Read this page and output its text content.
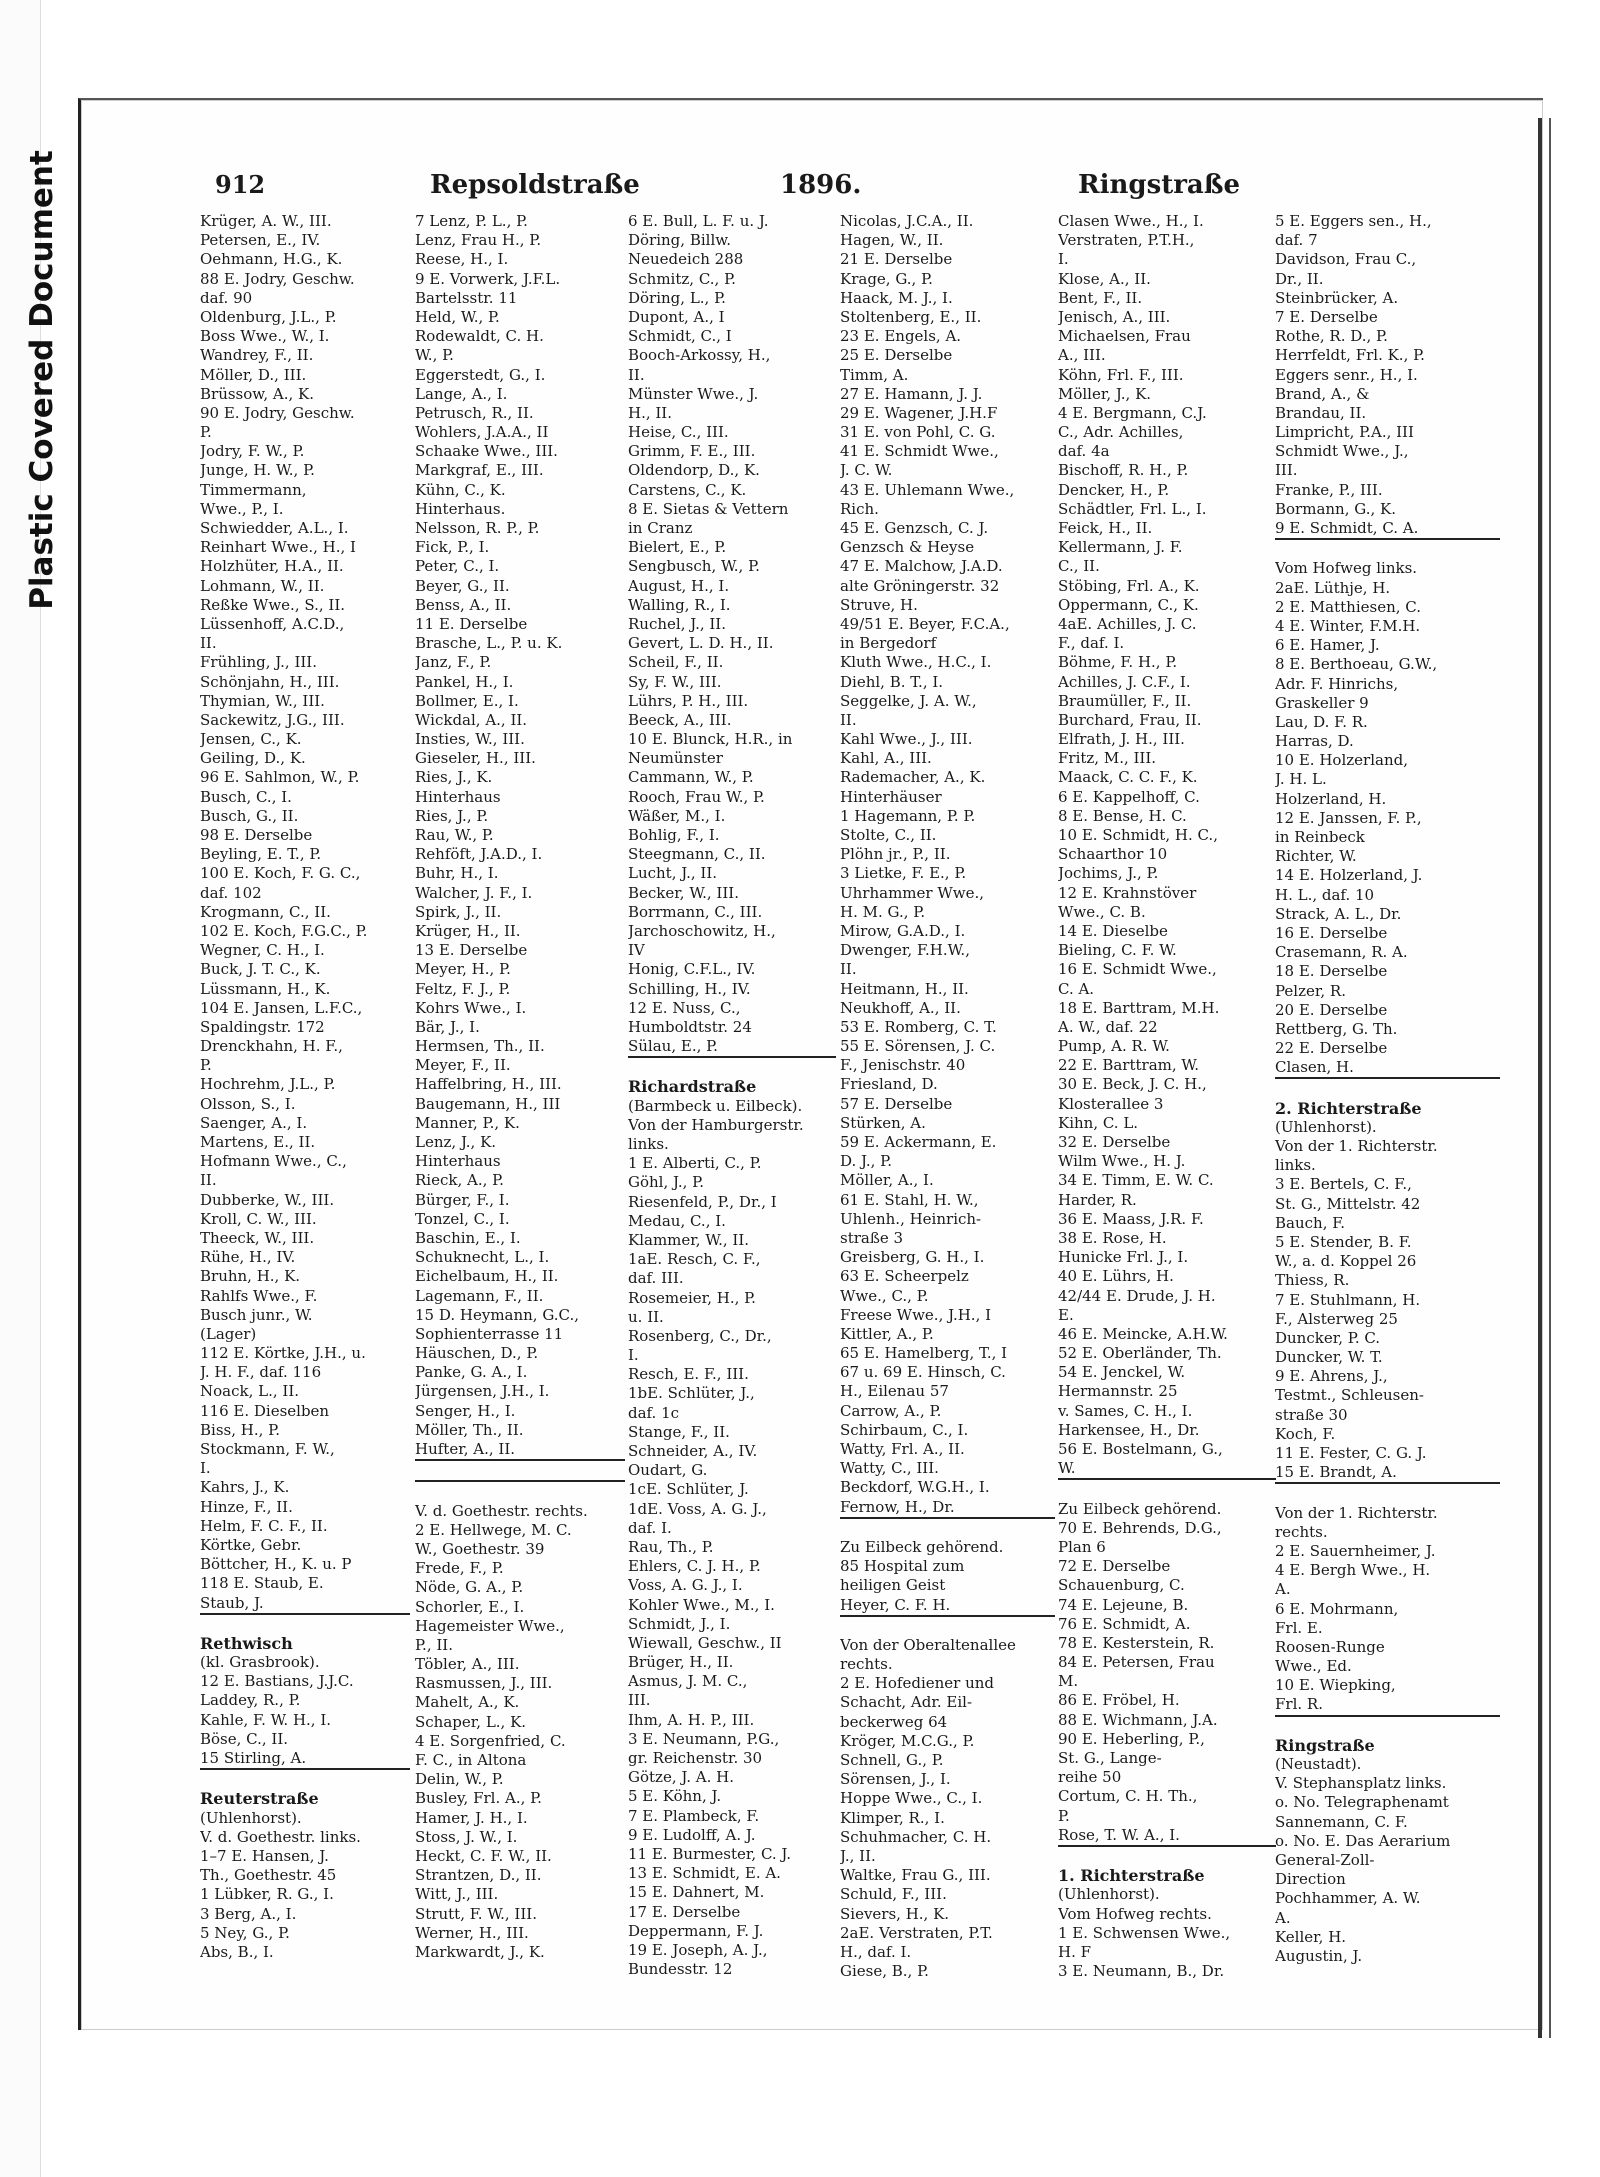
Plastic Covered Document	912	Repsoldstraße	1896.	Ringstraße
Krüger, A. W., III.
Petersen, E., IV.
Oehmann, H.G., K.
88 E. Jodry, Geschw.
daf. 90
Oldenburg, J.L., P.
Boss Wwe., W., I.
Wandrey, F., II.
Möller, D., III.
Brüssow, A., K.
90 E. Jodry, Geschw.
P.
Jodry, F. W., P.
Junge, H. W., P.
Timmermann,
Wwe., P., I.
Schwiedder, A.L., I.
Reinhart Wwe., H., I
Holzhüter, H.A., II.
Lohmann, W., II.
Reßke Wwe., S., II.
Lüssenhoff, A.C.D.,
II.
Frühling, J., III.
Schönjahn, H., III.
Thymian, W., III.
Sackewitz, J.G., III.
Jensen, C., K.
Geiling, D., K.
96 E. Sahlmon, W., P.
Busch, C., I.
Busch, G., II.
98 E. Derselbe
Beyling, E. T., P.
100 E. Koch, F. G. C.,
daf. 102
Krogmann, C., II.
102 E. Koch, F.G.C., P.
Wegner, C. H., I.
Buck, J. T. C., K.
Lüssmann, H., K.
104 E. Jansen, L.F.C.,
Spaldingstr. 172
Drenckhahn, H. F.,
P.
Hochrehm, J.L., P.
Olsson, S., I.
Saenger, A., I.
Martens, E., II.
Hofmann Wwe., C.,
II.
Dubberke, W., III.
Kroll, C. W., III.
Theeck, W., III.
Rühe, H., IV.
Bruhn, H., K.
Rahlfs Wwe., F.
Busch junr., W.
(Lager)
112 E. Körtke, J.H., u.
J. H. F., daf. 116
Noack, L., II.
116 E. Dieselben
Biss, H., P.
Stockmann, F. W.,
I.
Kahrs, J., K.
Hinze, F., II.
Helm, F. C. F., II.
Körtke, Gebr.
Böttcher, H., K. u. P
118 E. Staub, E.
Staub, J.
Rethwisch
(kl. Grasbrook).
12 E. Bastians, J.J.C.
Laddey, R., P.
Kahle, F. W. H., I.
Böse, C., II.
15 Stirling, A.
Reuterstraße
(Uhlenhorst).
V. d. Goethestr. links.
1–7 E. Hansen, J.
Th., Goethestr. 45
1 Lübker, R. G., I.
3 Berg, A., I.
5 Ney, G., P.
Abs, B., I.
7 Lenz, P. L., P.
Lenz, Frau H., P.
Reese, H., I.
9 E. Vorwerk, J.F.L.
Bartelsstr. 11
Held, W., P.
Rodewaldt, C. H.
W., P.
Eggerstedt, G., I.
Lange, A., I.
Petrusch, R., II.
Wohlers, J.A.A., II
Schaake Wwe., III.
Markgraf, E., III.
Kühn, C., K.
Hinterhaus.
Nelsson, R. P., P.
Fick, P., I.
Peter, C., I.
Beyer, G., II.
Benss, A., II.
11 E. Derselbe
Brasche, L., P. u. K.
Janz, F., P.
Pankel, H., I.
Bollmer, E., I.
Wickdal, A., II.
Insties, W., III.
Gieseler, H., III.
Ries, J., K.
Hinterhaus
Ries, J., P.
Rau, W., P.
Rehföft, J.A.D., I.
Buhr, H., I.
Walcher, J. F., I.
Spirk, J., II.
Krüger, H., II.
13 E. Derselbe
Meyer, H., P.
Feltz, F. J., P.
Kohrs Wwe., I.
Bär, J., I.
Hermsen, Th., II.
Meyer, F., II.
Haffelbring, H., III.
Baugemann, H., III
Manner, P., K.
Lenz, J., K.
Hinterhaus
Rieck, A., P.
Bürger, F., I.
Tonzel, C., I.
Baschin, E., I.
Schuknecht, L., I.
Eichelbaum, H., II.
Lagemann, F., II.
15 D. Heymann, G.C.,
Sophienterrasse 11
Häuschen, D., P.
Panke, G. A., I.
Jürgensen, J.H., I.
Senger, H., I.
Möller, Th., II.
Hufter, A., II.
V. d. Goethestr. rechts.
2 E. Hellwege, M. C.
W., Goethestr. 39
Frede, F., P.
Nöde, G. A., P.
Schorler, E., I.
Hagemeister Wwe.,
P., II.
Töbler, A., III.
Rasmussen, J., III.
Mahelt, A., K.
Schaper, L., K.
4 E. Sorgenfried, C.
F. C., in Altona
Delin, W., P.
Busley, Frl. A., P.
Hamer, J. H., I.
Stoss, J. W., I.
Heckt, C. F. W., II.
Strantzen, D., II.
Witt, J., III.
Strutt, F. W., III.
Werner, H., III.
Markwardt, J., K.
6 E. Bull, L. F. u. J.
Döring, Billw.
Neuedeich 288
Schmitz, C., P.
Döring, L., P.
Dupont, A., I
Schmidt, C., I
Booch-Arkossy, H.,
II.
Münster Wwe., J.
H., II.
Heise, C., III.
Grimm, F. E., III.
Oldendorp, D., K.
Carstens, C., K.
8 E. Sietas & Vettern
in Cranz
Bielert, E., P.
Sengbusch, W., P.
August, H., I.
Walling, R., I.
Ruchel, J., II.
Gevert, L. D. H., II.
Scheil, F., II.
Sy, F. W., III.
Lührs, P. H., III.
Beeck, A., III.
10 E. Blunck, H.R., in
Neumünster
Cammann, W., P.
Rooch, Frau W., P.
Wäßer, M., I.
Bohlig, F., I.
Steegmann, C., II.
Lucht, J., II.
Becker, W., III.
Borrmann, C., III.
Jarchoschowitz, H.,
IV
Honig, C.F.L., IV.
Schilling, H., IV.
12 E. Nuss, C.,
Humboldtstr. 24
Sülau, E., P.
Richardstraße
(Barmbeck u. Eilbeck).
Von der Hamburgerstr.
links.
1 E. Alberti, C., P.
Göhl, J., P.
Riesenfeld, P., Dr., I
Medau, C., I.
Klammer, W., II.
1aE. Resch, C. F.,
daf. III.
Rosemeier, H., P.
u. II.
Rosenberg, C., Dr.,
I.
Resch, E. F., III.
1bE. Schlüter, J.,
daf. 1c
Stange, F., II.
Schneider, A., IV.
Oudart, G.
1cE. Schlüter, J.
1dE. Voss, A. G. J.,
daf. I.
Rau, Th., P.
Ehlers, C. J. H., P.
Voss, A. G. J., I.
Kohler Wwe., M., I.
Schmidt, J., I.
Wiewall, Geschw., II
Brüger, H., II.
Asmus, J. M. C.,
III.
Ihm, A. H. P., III.
3 E. Neumann, P.G.,
gr. Reichenstr. 30
Götze, J. A. H.
5 E. Köhn, J.
7 E. Plambeck, F.
9 E. Ludolff, A. J.
11 E. Burmester, C. J.
13 E. Schmidt, E. A.
15 E. Dahnert, M.
17 E. Derselbe
Deppermann, F. J.
19 E. Joseph, A. J.,
Bundesstr. 12
Nicolas, J.C.A., II.
Hagen, W., II.
21 E. Derselbe
Krage, G., P.
Haack, M. J., I.
Stoltenberg, E., II.
23 E. Engels, A.
25 E. Derselbe
Timm, A.
27 E. Hamann, J. J.
29 E. Wagener, J.H.F
31 E. von Pohl, C. G.
41 E. Schmidt Wwe.,
J. C. W.
43 E. Uhlemann Wwe.,
Rich.
45 E. Genzsch, C. J.
Genzsch & Heyse
47 E. Malchow, J.A.D.
alte Gröningerstr. 32
Struve, H.
49/51 E. Beyer, F.C.A.,
in Bergedorf
Kluth Wwe., H.C., I.
Diehl, B. T., I.
Seggelke, J. A. W.,
II.
Kahl Wwe., J., III.
Kahl, A., III.
Rademacher, A., K.
Hinterhäuser
1 Hagemann, P. P.
Stolte, C., II.
Plöhn jr., P., II.
3 Lietke, F. E., P.
Uhrhammer Wwe.,
H. M. G., P.
Mirow, G.A.D., I.
Dwenger, F.H.W.,
II.
Heitmann, H., II.
Neukhoff, A., II.
53 E. Romberg, C. T.
55 E. Sörensen, J. C.
F., Jenischstr. 40
Friesland, D.
57 E. Derselbe
Stürken, A.
59 E. Ackermann, E.
D. J., P.
Möller, A., I.
61 E. Stahl, H. W.,
Uhlenh., Heinrich-
straße 3
Greisberg, G. H., I.
63 E. Scheerpelz
Wwe., C., P.
Freese Wwe., J.H., I
Kittler, A., P.
65 E. Hamelberg, T., I
67 u. 69 E. Hinsch, C.
H., Eilenau 57
Carrow, A., P.
Schirbaum, C., I.
Watty, Frl. A., II.
Watty, C., III.
Beckdorf, W.G.H., I.
Fernow, H., Dr.
Zu Eilbeck gehörend.
85 Hospital zum
heiligen Geist
Heyer, C. F. H.
Von der Oberaltenallee
rechts.
2 E. Hofediener und
Schacht, Adr. Eil-
beckerweg 64
Kröger, M.C.G., P.
Schnell, G., P.
Sörensen, J., I.
Hoppe Wwe., C., I.
Klimper, R., I.
Schuhmacher, C. H.
J., II.
Waltke, Frau G., III.
Schuld, F., III.
Sievers, H., K.
2aE. Verstraten, P.T.
H., daf. I.
Giese, B., P.
Clasen Wwe., H., I.
Verstraten, P.T.H.,
I.
Klose, A., II.
Bent, F., II.
Jenisch, A., III.
Michaelsen, Frau
A., III.
Köhn, Frl. F., III.
Möller, J., K.
4 E. Bergmann, C.J.
C., Adr. Achilles,
daf. 4a
Bischoff, R. H., P.
Dencker, H., P.
Schädtler, Frl. L., I.
Feick, H., II.
Kellermann, J. F.
C., II.
Stöbing, Frl. A., K.
Oppermann, C., K.
4aE. Achilles, J. C.
F., daf. I.
Böhme, F. H., P.
Achilles, J. C.F., I.
Braumüller, F., II.
Burchard, Frau, II.
Elfrath, J. H., III.
Fritz, M., III.
Maack, C. C. F., K.
6 E. Kappelhoff, C.
8 E. Bense, H. C.
10 E. Schmidt, H. C.,
Schaarthor 10
Jochims, J., P.
12 E. Krahnstöver
Wwe., C. B.
14 E. Dieselbe
Bieling, C. F. W.
16 E. Schmidt Wwe.,
C. A.
18 E. Barttram, M.H.
A. W., daf. 22
Pump, A. R. W.
22 E. Barttram, W.
30 E. Beck, J. C. H.,
Klosterallee 3
Kihn, C. L.
32 E. Derselbe
Wilm Wwe., H. J.
34 E. Timm, E. W. C.
Harder, R.
36 E. Maass, J.R. F.
38 E. Rose, H.
Hunicke Frl. J., I.
40 E. Lührs, H.
42/44 E. Drude, J. H.
E.
46 E. Meincke, A.H.W.
52 E. Oberländer, Th.
54 E. Jenckel, W.
Hermannstr. 25
v. Sames, C. H., I.
Harkensee, H., Dr.
56 E. Bostelmann, G.,
W.
Zu Eilbeck gehörend.
70 E. Behrends, D.G.,
Plan 6
72 E. Derselbe
Schauenburg, C.
74 E. Lejeune, B.
76 E. Schmidt, A.
78 E. Kesterstein, R.
84 E. Petersen, Frau
M.
86 E. Fröbel, H.
88 E. Wichmann, J.A.
90 E. Heberling, P.,
St. G., Lange-
reihe 50
Cortum, C. H. Th.,
P.
Rose, T. W. A., I.
1. Richterstraße
(Uhlenhorst).
Vom Hofweg rechts.
1 E. Schwensen Wwe.,
H. F
3 E. Neumann, B., Dr.
5 E. Eggers sen., H.,
daf. 7
Davidson, Frau C.,
Dr., II.
Steinbrücker, A.
7 E. Derselbe
Rothe, R. D., P.
Herrfeldt, Frl. K., P.
Eggers senr., H., I.
Brand, A., &
Brandau, II.
Limpricht, P.A., III
Schmidt Wwe., J.,
III.
Franke, P., III.
Bormann, G., K.
9 E. Schmidt, C. A.
Vom Hofweg links.
2aE. Lüthje, H.
2 E. Matthiesen, C.
4 E. Winter, F.M.H.
6 E. Hamer, J.
8 E. Berthoeau, G.W.,
Adr. F. Hinrichs,
Graskeller 9
Lau, D. F. R.
Harras, D.
10 E. Holzerland,
J. H. L.
Holzerland, H.
12 E. Janssen, F. P.,
in Reinbeck
Richter, W.
14 E. Holzerland, J.
H. L., daf. 10
Strack, A. L., Dr.
16 E. Derselbe
Crasemann, R. A.
18 E. Derselbe
Pelzer, R.
20 E. Derselbe
Rettberg, G. Th.
22 E. Derselbe
Clasen, H.
2. Richterstraße
(Uhlenhorst).
Von der 1. Richterstr.
links.
3 E. Bertels, C. F.,
St. G., Mittelstr. 42
Bauch, F.
5 E. Stender, B. F.
W., a. d. Koppel 26
Thiess, R.
7 E. Stuhlmann, H.
F., Alsterweg 25
Duncker, P. C.
Duncker, W. T.
9 E. Ahrens, J.,
Testmt., Schleusen-
straße 30
Koch, F.
11 E. Fester, C. G. J.
15 E. Brandt, A.
Von der 1. Richterstr.
rechts.
2 E. Sauernheimer, J.
4 E. Bergh Wwe., H.
A.
6 E. Mohrmann,
Frl. E.
Roosen-Runge
Wwe., Ed.
10 E. Wiepking,
Frl. R.
Ringstraße
(Neustadt).
V. Stephansplatz links.
o. No. Telegraphenamt
Sannemann, C. F.
o. No. E. Das Aerarium
General-Zoll-
Direction
Pochhammer, A. W.
A.
Keller, H.
Augustin, J.
